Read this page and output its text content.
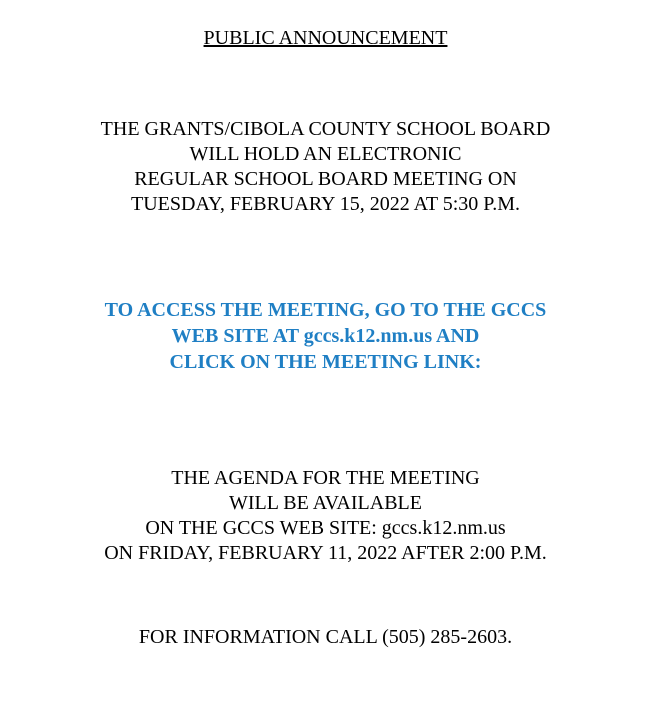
PUBLIC ANNOUNCEMENT
THE GRANTS/CIBOLA COUNTY SCHOOL BOARD
WILL HOLD AN ELECTRONIC
REGULAR SCHOOL BOARD MEETING ON
TUESDAY, FEBRUARY 15, 2022 AT 5:30 P.M.
TO ACCESS THE MEETING, GO TO THE GCCS
WEB SITE AT gccs.k12.nm.us AND
CLICK ON THE MEETING LINK:
THE AGENDA FOR THE MEETING
WILL BE AVAILABLE
ON THE GCCS WEB SITE: gccs.k12.nm.us
ON FRIDAY, FEBRUARY 11, 2022 AFTER 2:00 P.M.
FOR INFORMATION CALL (505) 285-2603.
